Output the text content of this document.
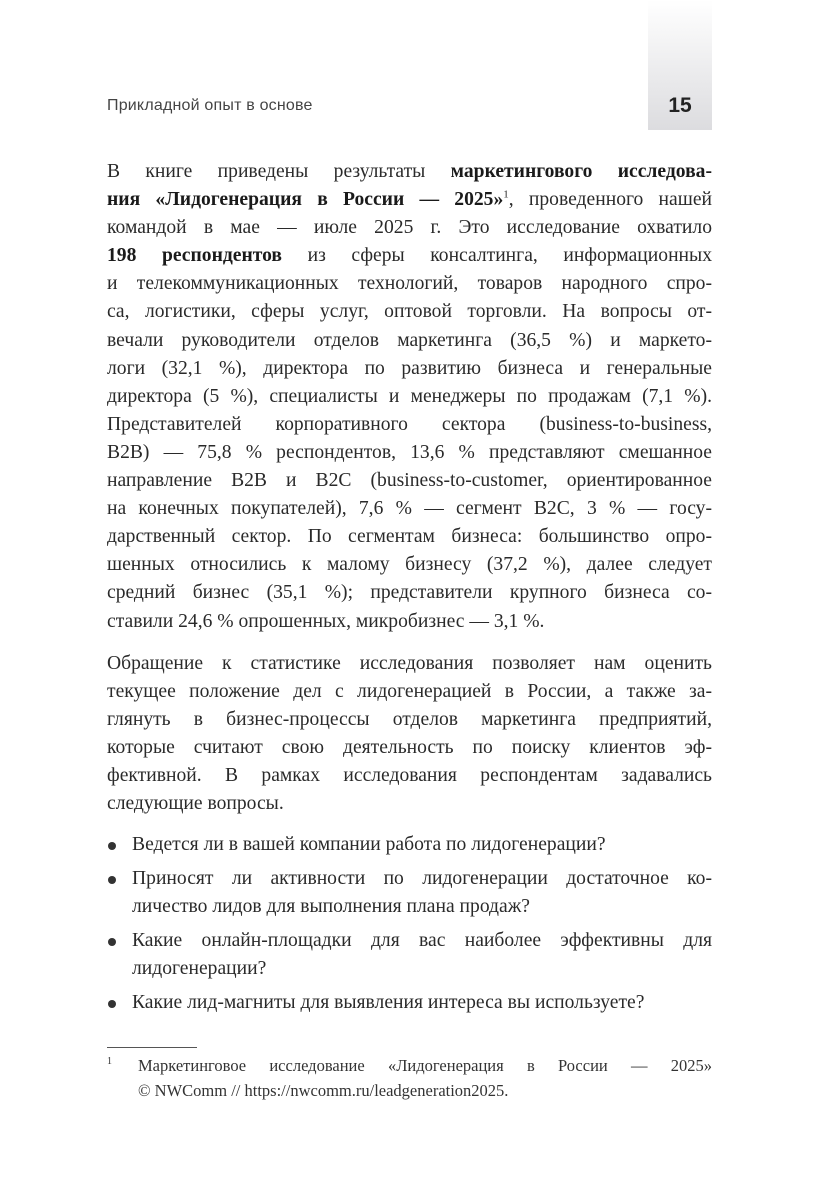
15
Прикладной опыт в основе
В книге приведены результаты маркетингового исследова-
ния «Лидогенерация в России — 2025»$^1$, проведенного нашей
командой в мае — июле 2025 г. Это исследование охватило
198 респондентов из сферы консалтинга, информационных
и телекоммуникационных технологий, товаров народного спро-
са, логистики, сферы услуг, оптовой торговли. На вопросы от-
вечали руководители отделов маркетинга (36,5 %) и маркето-
логи (32,1 %), директора по развитию бизнеса и генеральные
директора (5 %), специалисты и менеджеры по продажам (7,1 %).
Представителей корпоративного сектора (business-to-business,
B2B) — 75,8 % респондентов, 13,6 % представляют смешанное
направление B2B и B2C (business-to-customer, ориентированное
на конечных покупателей), 7,6 % — сегмент B2C, 3 % — госу-
дарственный сектор. По сегментам бизнеса: большинство опро-
шенных относились к малому бизнесу (37,2 %), далее следует
средний бизнес (35,1 %); представители крупного бизнеса со-
ставили 24,6 % опрошенных, микробизнес — 3,1 %.
Обращение к статистике исследования позволяет нам оценить
текущее положение дел с лидогенерацией в России, а также за-
глянуть в бизнес-процессы отделов маркетинга предприятий,
которые считают свою деятельность по поиску клиентов эф-
фективной. В рамках исследования респондентам задавались
следующие вопросы.
Ведется ли в вашей компании работа по лидогенерации?
Приносят ли активности по лидогенерации достаточное ко-
личество лидов для выполнения плана продаж?
Какие онлайн-площадки для вас наиболее эффективны для
лидогенерации?
Какие лид-магниты для выявления интереса вы используете?
1	Маркетинговое исследование «Лидогенерация в России — 2025»
© NWComm // https://nwcomm.ru/leadgeneration2025.
